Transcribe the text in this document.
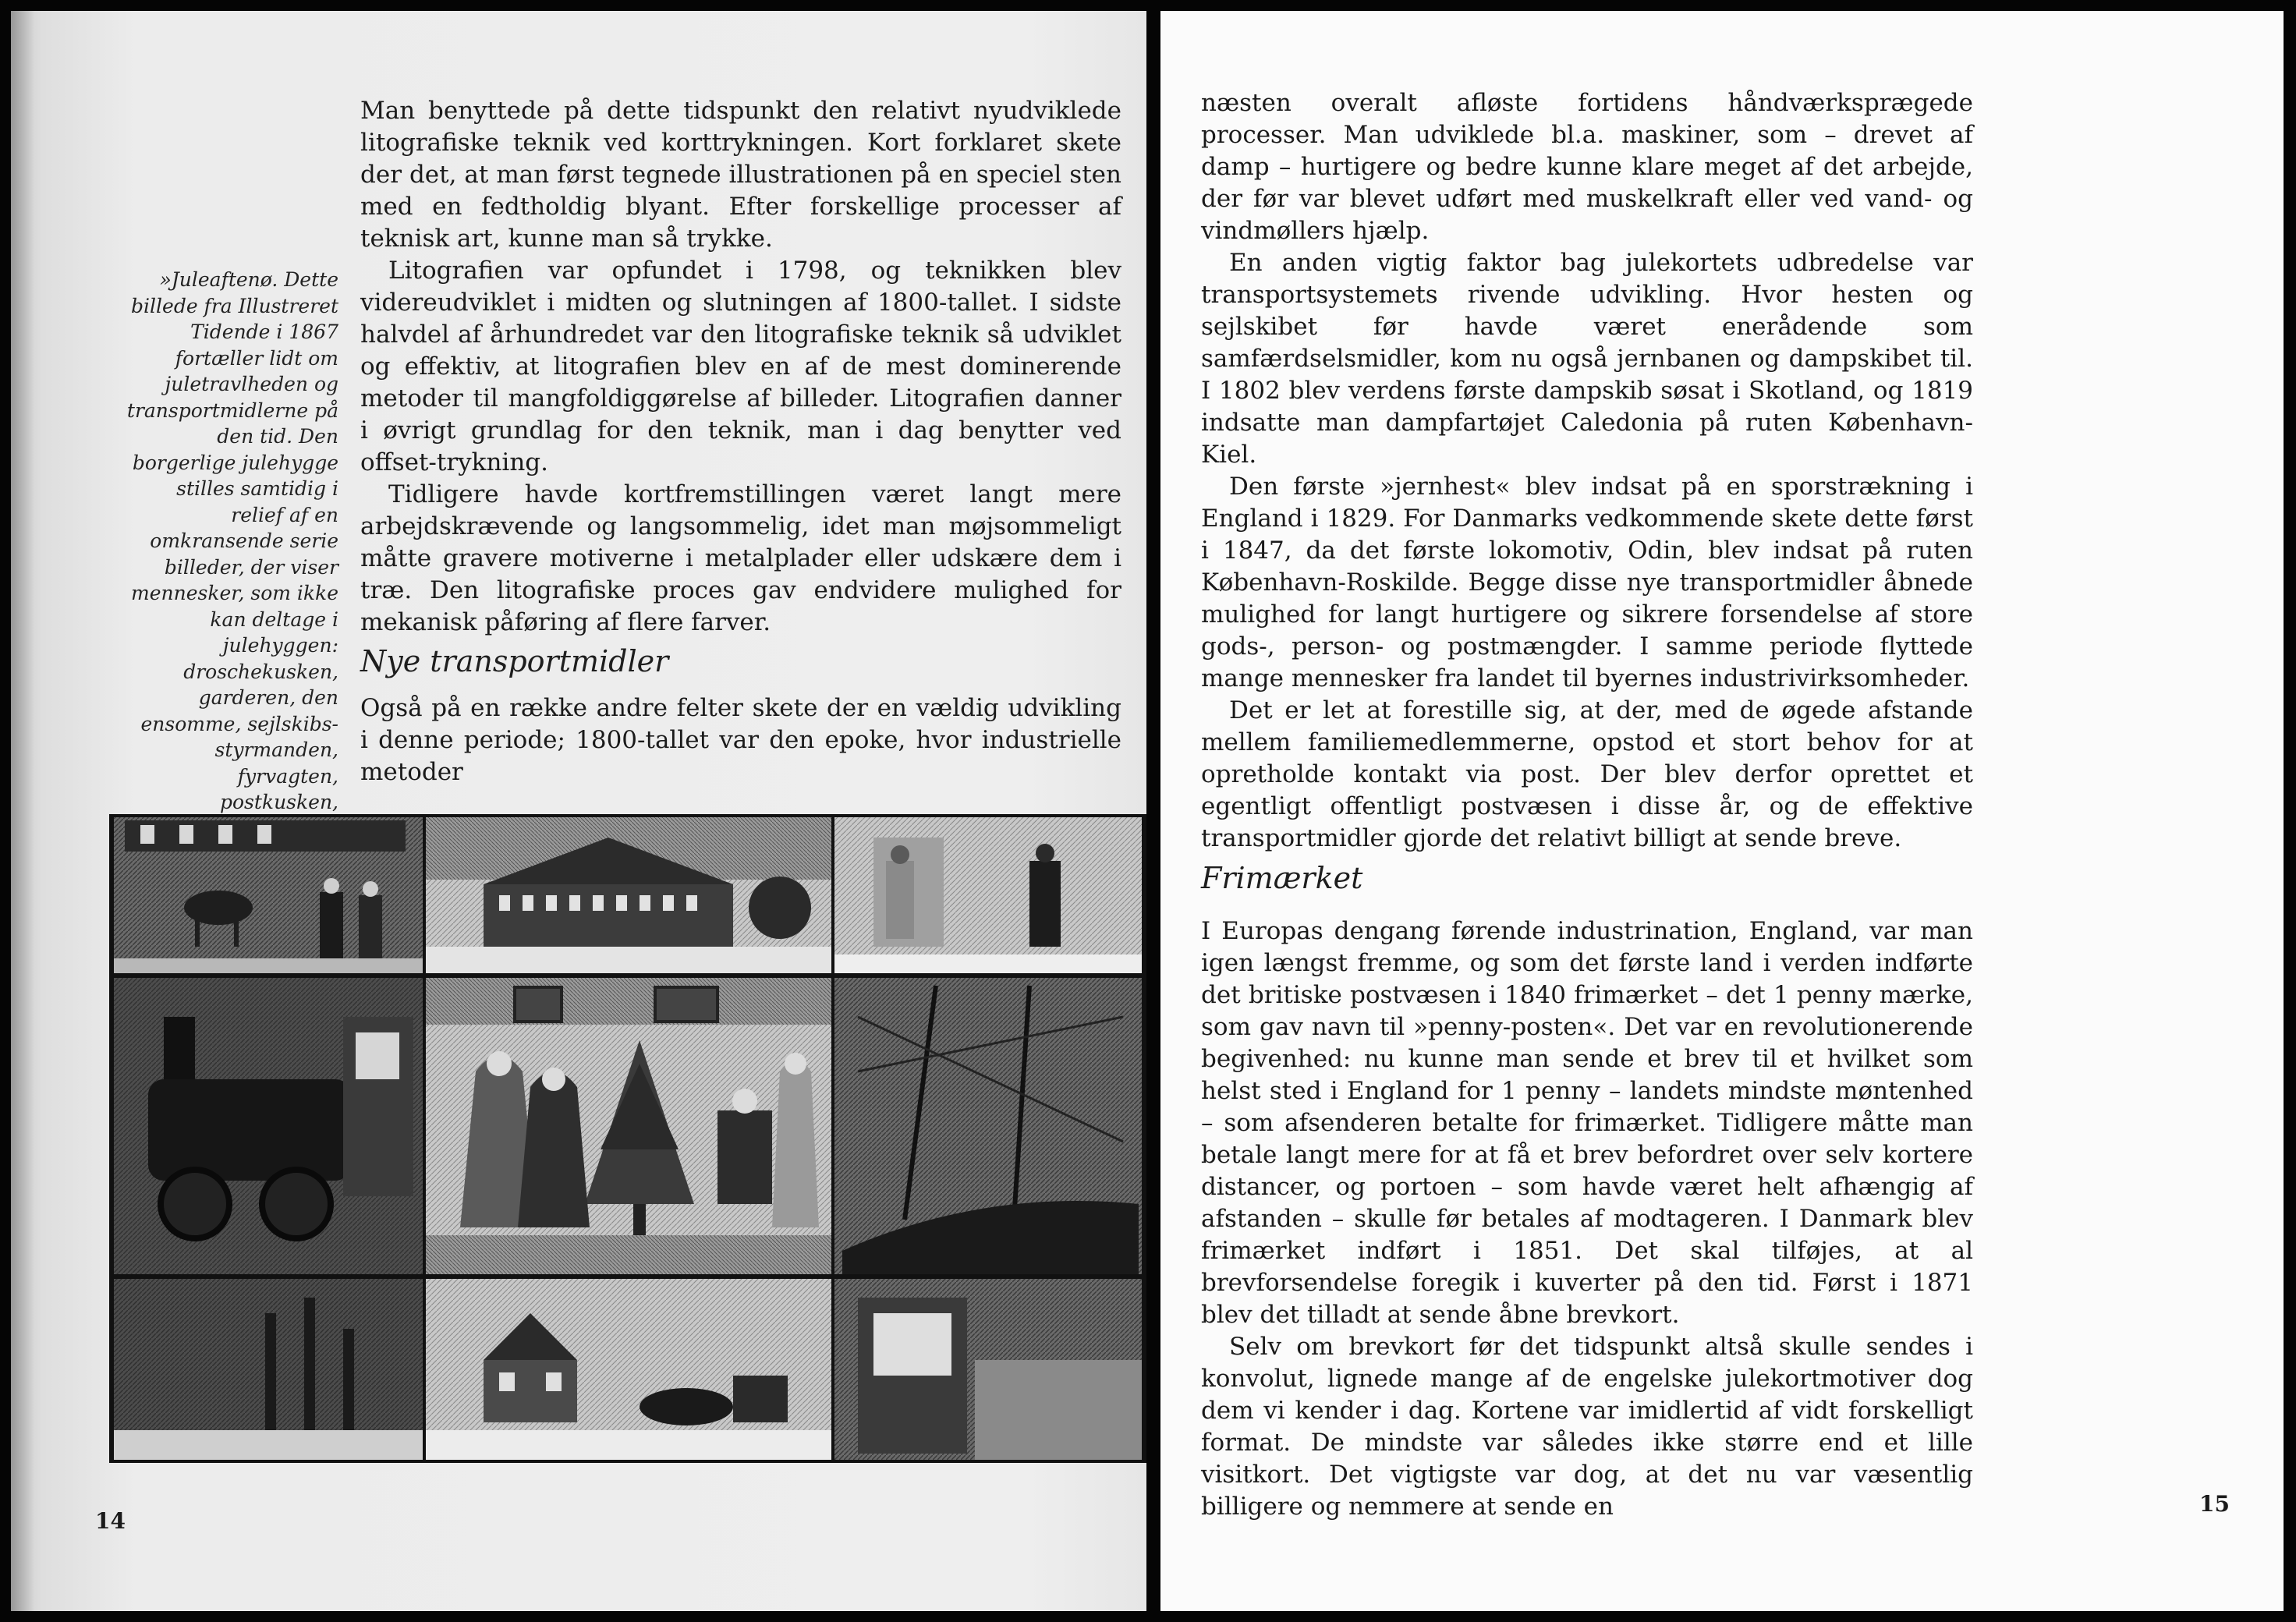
»Juleaftenø. Dette billede fra Illustreret Tidende i 1867 fortæller lidt om juletravlheden og transportmidlerne på den tid. Den borgerlige julehygge stilles samtidig i relief af en omkransende serie billeder, der viser mennesker, som ikke kan deltage i julehyggen: droschekusken, garderen, den ensomme, sejlskibs-styrmanden, fyrvagten, postkusken,

Man benyttede på dette tidspunkt den relativt nyudviklede litografiske teknik ved korttrykningen. Kort forklaret skete der det, at man først tegnede illustrationen på en speciel sten med en fedtholdig blyant. Efter forskellige processer af teknisk art, kunne man så trykke.

Litografien var opfundet i 1798, og teknikken blev videreudviklet i midten og slutningen af 1800-tallet. I sidste halvdel af århundredet var den litografiske teknik så udviklet og effektiv, at litografien blev en af de mest dominerende metoder til mangfoldiggørelse af billeder. Litografien danner i øvrigt grundlag for den teknik, man i dag benytter ved offset-trykning.

Tidligere havde kortfremstillingen været langt mere arbejdskrævende og langsommelig, idet man møjsommeligt måtte gravere motiverne i metalplader eller udskære dem i træ. Den litografiske proces gav endvidere mulighed for mekanisk påføring af flere farver.

Nye transportmidler

Også på en række andre felter skete der en vældig udvikling i denne periode; 1800-tallet var den epoke, hvor industrielle metoder

14

næsten overalt afløste fortidens håndværksprægede processer. Man udviklede bl.a. maskiner, som – drevet af damp – hurtigere og bedre kunne klare meget af det arbejde, der før var blevet udført med muskelkraft eller ved vand- og vindmøllers hjælp.

En anden vigtig faktor bag julekortets udbredelse var transportsystemets rivende udvikling. Hvor hesten og sejlskibet før havde været enerådende som samfærdselsmidler, kom nu også jernbanen og dampskibet til. I 1802 blev verdens første dampskib søsat i Skotland, og 1819 indsatte man dampfartøjet Caledonia på ruten København-Kiel.

Den første »jernhest« blev indsat på en sporstrækning i England i 1829. For Danmarks vedkommende skete dette først i 1847, da det første lokomotiv, Odin, blev indsat på ruten København-Roskilde. Begge disse nye transportmidler åbnede mulighed for langt hurtigere og sikrere forsendelse af store gods-, person- og postmængder. I samme periode flyttede mange mennesker fra landet til byernes industrivirksomheder.

Det er let at forestille sig, at der, med de øgede afstande mellem familiemedlemmerne, opstod et stort behov for at opretholde kontakt via post. Der blev derfor oprettet et egentligt offentligt postvæsen i disse år, og de effektive transportmidler gjorde det relativt billigt at sende breve.

Frimærket

I Europas dengang førende industrination, England, var man igen længst fremme, og som det første land i verden indførte det britiske postvæsen i 1840 frimærket – det 1 penny mærke, som gav navn til »penny-posten«. Det var en revolutionerende begivenhed: nu kunne man sende et brev til et hvilket som helst sted i England for 1 penny – landets mindste møntenhed – som afsenderen betalte for frimærket. Tidligere måtte man betale langt mere for at få et brev befordret over selv kortere distancer, og portoen – som havde været helt afhængig af afstanden – skulle før betales af modtageren. I Danmark blev frimærket indført i 1851. Det skal tilføjes, at al brevforsendelse foregik i kuverter på den tid. Først i 1871 blev det tilladt at sende åbne brevkort.

Selv om brevkort før det tidspunkt altså skulle sendes i konvolut, lignede mange af de engelske julekortmotiver dog dem vi kender i dag. Kortene var imidlertid af vidt forskelligt format. De mindste var således ikke større end et lille visitkort. Det vigtigste var dog, at det nu var væsentlig billigere og nemmere at sende en	15
